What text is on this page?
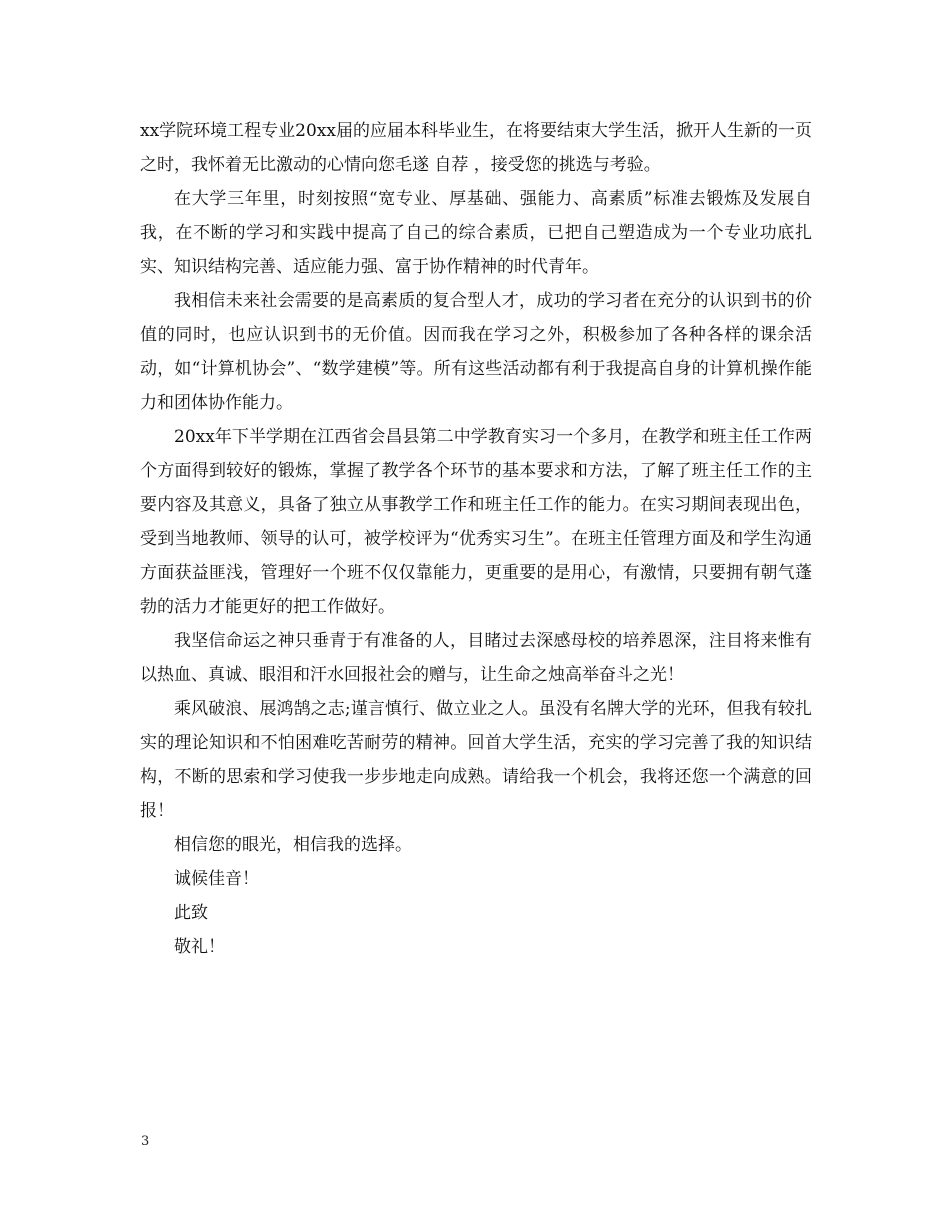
xx学院环境工程专业20xx届的应届本科毕业生，在将要结束大学生活，掀开人生新的一页之时，我怀着无比激动的心情向您毛遂 自荐 ，接受您的挑选与考验。

在大学三年里，时刻按照“宽专业、厚基础、强能力、高素质”标准去锻炼及发展自我，在不断的学习和实践中提高了自己的综合素质，已把自己塑造成为一个专业功底扎实、知识结构完善、适应能力强、富于协作精神的时代青年。

我相信未来社会需要的是高素质的复合型人才，成功的学习者在充分的认识到书的价值的同时，也应认识到书的无价值。因而我在学习之外，积极参加了各种各样的课余活动，如“计算机协会”、“数学建模”等。所有这些活动都有利于我提高自身的计算机操作能力和团体协作能力。

20xx年下半学期在江西省会昌县第二中学教育实习一个多月，在教学和班主任工作两个方面得到较好的锻炼，掌握了教学各个环节的基本要求和方法，了解了班主任工作的主要内容及其意义，具备了独立从事教学工作和班主任工作的能力。在实习期间表现出色，受到当地教师、领导的认可，被学校评为“优秀实习生”。在班主任管理方面及和学生沟通方面获益匪浅，管理好一个班不仅仅靠能力，更重要的是用心，有激情，只要拥有朝气蓬勃的活力才能更好的把工作做好。

我坚信命运之神只垂青于有准备的人，目睹过去深感母校的培养恩深，注目将来惟有以热血、真诚、眼泪和汗水回报社会的赠与，让生命之烛高举奋斗之光！

乘风破浪、展鸿鹄之志;谨言慎行、做立业之人。虽没有名牌大学的光环，但我有较扎实的理论知识和不怕困难吃苦耐劳的精神。回首大学生活，充实的学习完善了我的知识结构，不断的思索和学习使我一步步地走向成熟。请给我一个机会，我将还您一个满意的回报！

相信您的眼光，相信我的选择。

诚候佳音！

此致

敬礼！

3
